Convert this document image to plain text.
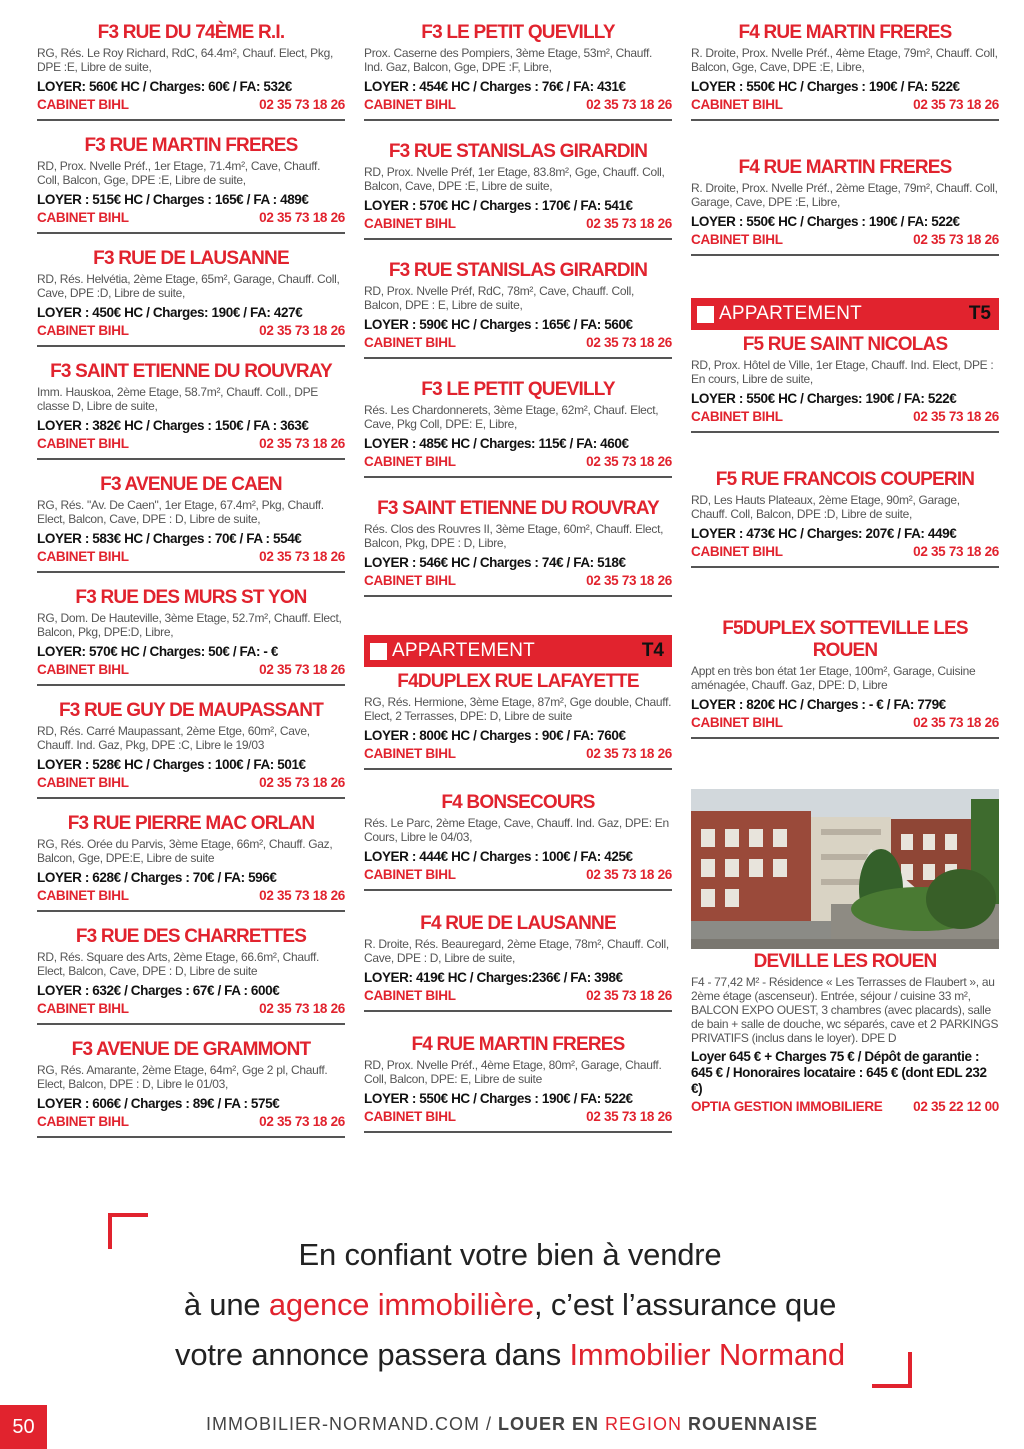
F3 RUE DU 74ÈME R.I.
RG, Rés. Le Roy Richard, RdC, 64.4m², Chauf. Elect, Pkg, DPE :E, Libre de suite,
LOYER: 560€ HC / Charges: 60€ / FA: 532€
CABINET BIHL	02 35 73 18 26
F3 RUE MARTIN FRERES
RD, Prox. Nvelle Préf., 1er Etage, 71.4m², Cave, Chauff. Coll, Balcon, Gge, DPE :E, Libre de suite,
LOYER : 515€ HC / Charges : 165€ / FA : 489€
CABINET BIHL	02 35 73 18 26
F3 RUE DE LAUSANNE
RD, Rés. Helvétia, 2ème Etage, 65m², Garage, Chauff. Coll, Cave, DPE :D, Libre de suite,
LOYER : 450€ HC / Charges: 190€ / FA: 427€
CABINET BIHL	02 35 73 18 26
F3 SAINT ETIENNE DU ROUVRAY
Imm. Hauskoa, 2ème Etage, 58.7m², Chauff. Coll., DPE classe D, Libre de suite,
LOYER : 382€ HC / Charges : 150€ / FA : 363€
CABINET BIHL	02 35 73 18 26
F3 AVENUE DE CAEN
RG, Rés. "Av. De Caen", 1er Etage, 67.4m², Pkg, Chauff. Elect, Balcon, Cave, DPE : D, Libre de suite,
LOYER : 583€ HC / Charges : 70€ / FA : 554€
CABINET BIHL	02 35 73 18 26
F3 RUE DES MURS ST YON
RG, Dom. De Hauteville, 3ème Etage, 52.7m², Chauff. Elect, Balcon, Pkg, DPE:D, Libre,
LOYER: 570€ HC / Charges: 50€ / FA: - €
CABINET BIHL	02 35 73 18 26
F3 RUE GUY DE MAUPASSANT
RD, Rés. Carré Maupassant, 2ème Etge, 60m², Cave, Chauff. Ind. Gaz, Pkg, DPE :C, Libre le 19/03
LOYER : 528€ HC / Charges : 100€ / FA: 501€
CABINET BIHL	02 35 73 18 26
F3 RUE PIERRE MAC ORLAN
RG, Rés. Orée du Parvis, 3ème Etage, 66m², Chauff. Gaz, Balcon, Gge, DPE:E, Libre de suite
LOYER : 628€ / Charges : 70€ / FA: 596€
CABINET BIHL	02 35 73 18 26
F3 RUE DES CHARRETTES
RD, Rés. Square des Arts, 2ème Etage, 66.6m², Chauff. Elect, Balcon, Cave, DPE : D, Libre de suite
LOYER : 632€ / Charges : 67€ / FA : 600€
CABINET BIHL	02 35 73 18 26
F3 AVENUE DE GRAMMONT
RG, Rés. Amarante, 2ème Etage, 64m², Gge 2 pl, Chauff. Elect, Balcon, DPE : D, Libre le 01/03,
LOYER : 606€ / Charges : 89€ / FA : 575€
CABINET BIHL	02 35 73 18 26
F3 LE PETIT QUEVILLY
Prox. Caserne des Pompiers, 3ème Etage, 53m², Chauff. Ind. Gaz, Balcon, Gge, DPE :F, Libre,
LOYER : 454€ HC / Charges : 76€ / FA: 431€
CABINET BIHL	02 35 73 18 26
F3 RUE STANISLAS GIRARDIN
RD, Prox. Nvelle Préf, 1er Etage, 83.8m², Gge, Chauff. Coll, Balcon, Cave, DPE :E, Libre de suite,
LOYER : 570€ HC / Charges : 170€ / FA: 541€
CABINET BIHL	02 35 73 18 26
F3 RUE STANISLAS GIRARDIN
RD, Prox. Nvelle Préf, RdC, 78m², Cave, Chauff. Coll, Balcon, DPE : E, Libre de suite,
LOYER : 590€ HC / Charges : 165€ / FA: 560€
CABINET BIHL	02 35 73 18 26
F3 LE PETIT QUEVILLY
Rés. Les Chardonnerets, 3ème Etage, 62m², Chauf. Elect, Cave, Pkg Coll, DPE: E, Libre,
LOYER : 485€ HC / Charges: 115€ / FA: 460€
CABINET BIHL	02 35 73 18 26
F3 SAINT ETIENNE DU ROUVRAY
Rés. Clos des Rouvres II, 3ème Etage, 60m², Chauff. Elect, Balcon, Pkg, DPE : D, Libre,
LOYER : 546€ HC / Charges : 74€ / FA: 518€
CABINET BIHL	02 35 73 18 26
APPARTEMENT	T4
F4DUPLEX RUE LAFAYETTE
RG, Rés. Hermione, 3ème Etage, 87m², Gge double, Chauff. Elect, 2 Terrasses, DPE: D, Libre de suite
LOYER : 800€ HC / Charges : 90€ / FA: 760€
CABINET BIHL	02 35 73 18 26
F4 BONSECOURS
Rés. Le Parc, 2ème Etage, Cave, Chauff. Ind. Gaz, DPE: En Cours, Libre le 04/03,
LOYER : 444€ HC / Charges : 100€ / FA: 425€
CABINET BIHL	02 35 73 18 26
F4 RUE DE LAUSANNE
R. Droite, Rés. Beauregard, 2ème Etage, 78m², Chauff. Coll, Cave, DPE : D, Libre de suite,
LOYER: 419€ HC / Charges:236€ / FA: 398€
CABINET BIHL	02 35 73 18 26
F4 RUE MARTIN FRERES
RD, Prox. Nvelle Préf., 4ème Etage, 80m², Garage, Chauff. Coll, Balcon, DPE: E, Libre de suite
LOYER : 550€ HC / Charges : 190€ / FA: 522€
CABINET BIHL	02 35 73 18 26
F4 RUE MARTIN FRERES
R. Droite, Prox. Nvelle Préf., 4ème Etage, 79m², Chauff. Coll, Balcon, Gge, Cave, DPE :E, Libre,
LOYER : 550€ HC / Charges : 190€ / FA: 522€
CABINET BIHL	02 35 73 18 26
F4 RUE MARTIN FRERES
R. Droite, Prox. Nvelle Préf., 2ème Etage, 79m², Chauff. Coll, Garage, Cave, DPE :E, Libre,
LOYER : 550€ HC / Charges : 190€ / FA: 522€
CABINET BIHL	02 35 73 18 26
APPARTEMENT	T5
F5 RUE SAINT NICOLAS
RD, Prox. Hôtel de Ville, 1er Etage, Chauff. Ind. Elect, DPE : En cours, Libre de suite,
LOYER : 550€ HC / Charges: 190€ / FA: 522€
CABINET BIHL	02 35 73 18 26
F5 RUE FRANCOIS COUPERIN
RD, Les Hauts Plateaux, 2ème Etage, 90m², Garage, Chauff. Coll, Balcon, DPE :D, Libre de suite,
LOYER : 473€ HC / Charges: 207€ / FA: 449€
CABINET BIHL	02 35 73 18 26
F5DUPLEX SOTTEVILLE LES ROUEN
Appt en très bon état 1er Etage, 100m², Garage, Cuisine aménagée, Chauff. Gaz, DPE: D, Libre
LOYER : 820€ HC / Charges : - € / FA: 779€
CABINET BIHL	02 35 73 18 26
DEVILLE LES ROUEN
F4 - 77,42 M² - Résidence « Les Terrasses de Flaubert », au 2ème étage (ascenseur). Entrée, séjour / cuisine 33 m², BALCON EXPO OUEST, 3 chambres (avec placards), salle de bain + salle de douche, wc séparés, cave et 2 PARKINGS PRIVATIFS (inclus dans le loyer). DPE D
Loyer 645 € + Charges 75 € / Dépôt de garantie : 645 € / Honoraires locataire : 645 € (dont EDL 232 €)
OPTIA GESTION IMMOBILIERE 02 35 22 12 00
En confiant votre bien à vendre
à une agence immobilière, c’est l’assurance que
votre annonce passera dans Immobilier Normand
50	IMMOBILIER-NORMAND.COM / LOUER EN REGION ROUENNAISE
